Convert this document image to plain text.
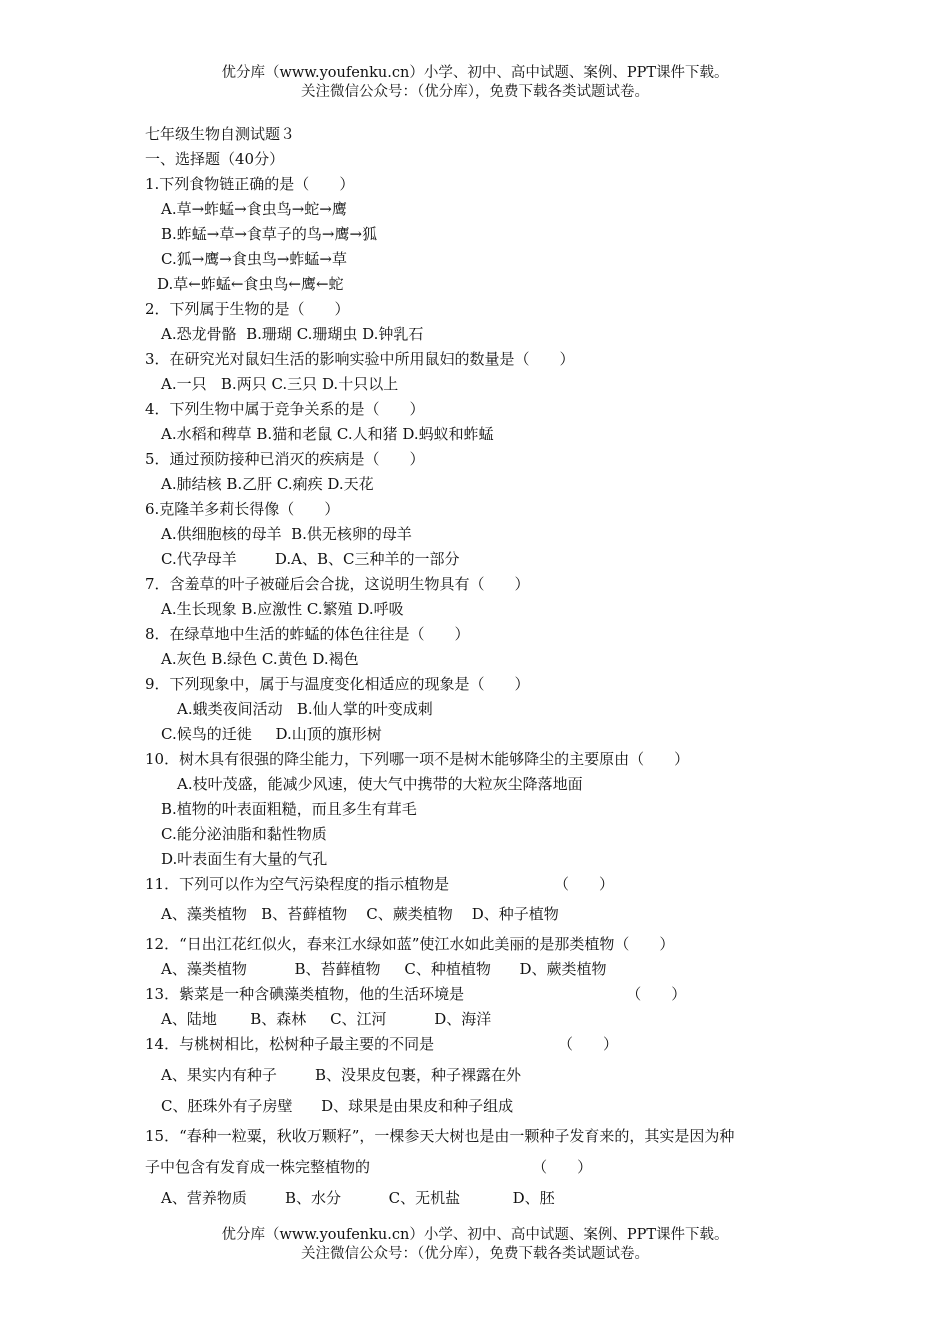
优分库（www.youfenku.cn）小学、初中、高中试题、案例、PPT课件下载。
关注微信公众号：（优分库），免费下载各类试题试卷。
七年级生物自测试题３
一、选择题（40分）
1.下列食物链正确的是（　　）
A.草→蚱蜢→食虫鸟→蛇→鹰
B.蚱蜢→草→食草子的鸟→鹰→狐
C.狐→鹰→食虫鸟→蚱蜢→草
D.草←蚱蜢←食虫鸟←鹰←蛇
2．下列属于生物的是（　　）
A.恐龙骨骼  B.珊瑚 C.珊瑚虫 D.钟乳石
3．在研究光对鼠妇生活的影响实验中所用鼠妇的数量是（　　）
A.一只   B.两只 C.三只 D.十只以上
4．下列生物中属于竞争关系的是（　　）
A.水稻和稗草 B.猫和老鼠 C.人和猪 D.蚂蚁和蚱蜢
5．通过预防接种已消灭的疾病是（　　）
A.肺结核 B.乙肝 C.痢疾 D.天花
6.克隆羊多莉长得像（　　）
A.供细胞核的母羊  B.供无核卵的母羊
C.代孕母羊        D.A、B、C三种羊的一部分
7．含羞草的叶子被碰后会合拢，这说明生物具有（　　）
A.生长现象 B.应激性 C.繁殖 D.呼吸
8．在绿草地中生活的蚱蜢的体色往往是（　　）
A.灰色 B.绿色 C.黄色 D.褐色
9．下列现象中，属于与温度变化相适应的现象是（　　）
A.蛾类夜间活动   B.仙人掌的叶变成刺
C.候鸟的迁徙     D.山顶的旗形树
10．树木具有很强的降尘能力，下列哪一项不是树木能够降尘的主要原由（　　）
A.枝叶茂盛，能减少风速，使大气中携带的大粒灰尘降落地面
B.植物的叶表面粗糙，而且多生有茸毛
C.能分泌油脂和黏性物质
D.叶表面生有大量的气孔
11．下列可以作为空气污染程度的指示植物是                      （　　）
A、藻类植物   B、苔藓植物    C、蕨类植物    D、种子植物
12．“日出江花红似火，春来江水绿如蓝”使江水如此美丽的是那类植物（　　）
A、藻类植物          B、苔藓植物     C、种植植物      D、蕨类植物
13．紫菜是一种含碘藻类植物，他的生活环境是                                  （　　）
A、陆地       B、森林     C、江河          D、海洋
14．与桃树相比，松树种子最主要的不同是                          （　　）
A、果实内有种子        B、没果皮包裹，种子裸露在外
C、胚珠外有子房壁      D、球果是由果皮和种子组成
15．“春种一粒粟，秋收万颗籽”，一棵参天大树也是由一颗种子发育来的，其实是因为种
子中包含有发育成一株完整植物的                                  （　　）
A、营养物质        B、水分          C、无机盐           D、胚
优分库（www.youfenku.cn）小学、初中、高中试题、案例、PPT课件下载。
关注微信公众号：（优分库），免费下载各类试题试卷。
